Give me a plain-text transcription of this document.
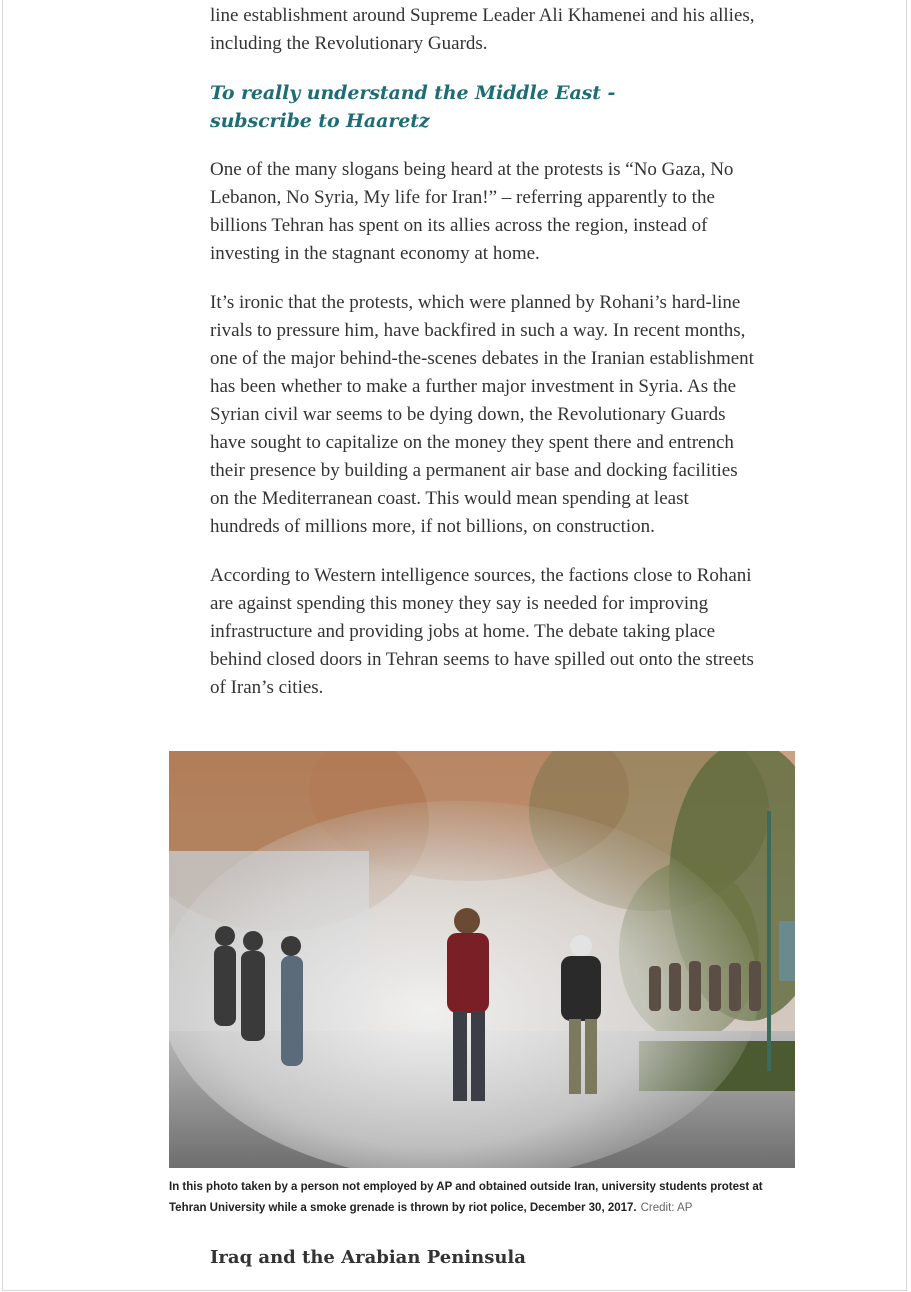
line establishment around Supreme Leader Ali Khamenei and his allies, including the Revolutionary Guards.

To really understand the Middle East - subscribe to Haaretz

One of the many slogans being heard at the protests is “No Gaza, No Lebanon, No Syria, My life for Iran!” – referring apparently to the billions Tehran has spent on its allies across the region, instead of investing in the stagnant economy at home.

It’s ironic that the protests, which were planned by Rohani’s hard-line rivals to pressure him, have backfired in such a way. In recent months, one of the major behind-the-scenes debates in the Iranian establishment has been whether to make a further major investment in Syria. As the Syrian civil war seems to be dying down, the Revolutionary Guards have sought to capitalize on the money they spent there and entrench their presence by building a permanent air base and docking facilities on the Mediterranean coast. This would mean spending at least hundreds of millions more, if not billions, on construction.

According to Western intelligence sources, the factions close to Rohani are against spending this money they say is needed for improving infrastructure and providing jobs at home. The debate taking place behind closed doors in Tehran seems to have spilled out onto the streets of Iran’s cities.

In this photo taken by a person not employed by AP and obtained outside Iran, university students protest at Tehran University while a smoke grenade is thrown by riot police, December 30, 2017. Credit: AP
Iraq and the Arabian Peninsula
